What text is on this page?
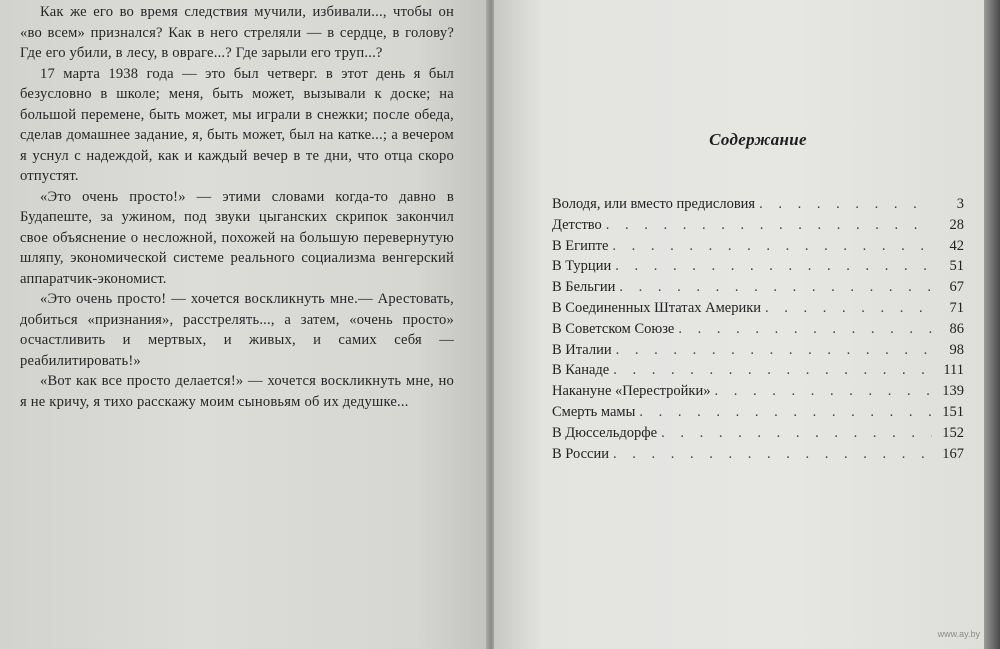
Как же его во время следствия мучили, избивали..., чтобы он «во всем» признался? Как в него стреляли — в сердце, в голову? Где его убили, в лесу, в овраге...? Где зарыли его труп...?

17 марта 1938 года — это был четверг. в этот день я был безусловно в школе; меня, быть может, вызывали к доске; на большой перемене, быть может, мы играли в снежки; после обеда, сделав домашнее задание, я, быть может, был на катке...; а вечером я уснул с надеждой, как и каждый вечер в те дни, что отца скоро отпустят.

«Это очень просто!» — этими словами когда-то давно в Будапеште, за ужином, под звуки цыганских скрипок закончил свое объяснение о несложной, похожей на большую перевернутую шляпу, экономической системе реального социализма венгерский аппаратчик-экономист.

«Это очень просто! — хочется воскликнуть мне.— Арестовать, добиться «признания», расстрелять..., а затем, «очень просто» осчастливить и мертвых, и живых, и самих себя — реабилитировать!»

«Вот как все просто делается!» — хочется воскликнуть мне, но я не кричу, я тихо расскажу моим сыновьям об их дедушке...

Содержание
Володя, или вместо предисловия . . .	3
Детство . . .	28
В Египте . . .	42
В Турции . . .	51
В Бельгии . . .	67
В Соединенных Штатах Америки . . .	71
В Советском Союзе . . .	86
В Италии . . .	98
В Канаде . . .	111
Накануне «Перестройки» . . .	139
Смерть мамы . . .	151
В Дюссельдорфе . . .	152
В России . . .	167
www.ay.by
